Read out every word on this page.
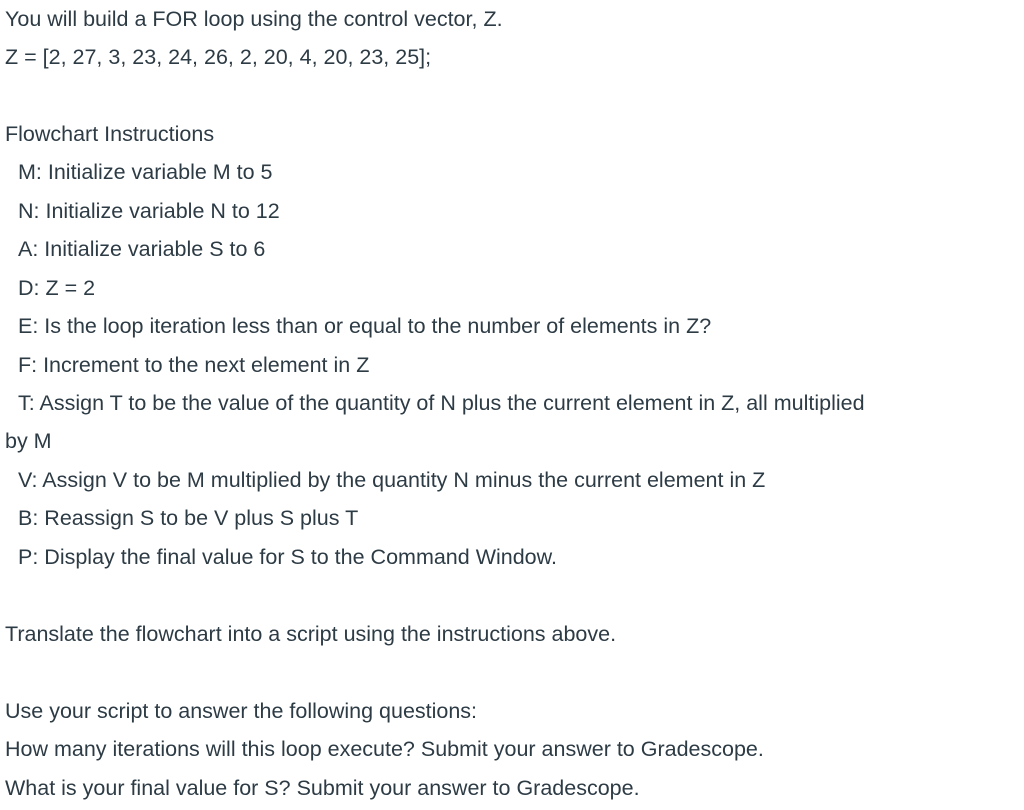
You will build a FOR loop using the control vector, Z.
Z = [2, 27, 3, 23, 24, 26, 2, 20, 4, 20, 23, 25];
Flowchart Instructions
M: Initialize variable M to 5
N: Initialize variable N to 12
A: Initialize variable S to 6
D: Z = 2
E: Is the loop iteration less than or equal to the number of elements in Z?
F: Increment to the next element in Z
T: Assign T to be the value of the quantity of N plus the current element in Z, all multiplied
by M
V: Assign V to be M multiplied by the quantity N minus the current element in Z
B: Reassign S to be V plus S plus T
P: Display the final value for S to the Command Window.
Translate the flowchart into a script using the instructions above.
Use your script to answer the following questions:
How many iterations will this loop execute? Submit your answer to Gradescope.
What is your final value for S? Submit your answer to Gradescope.
